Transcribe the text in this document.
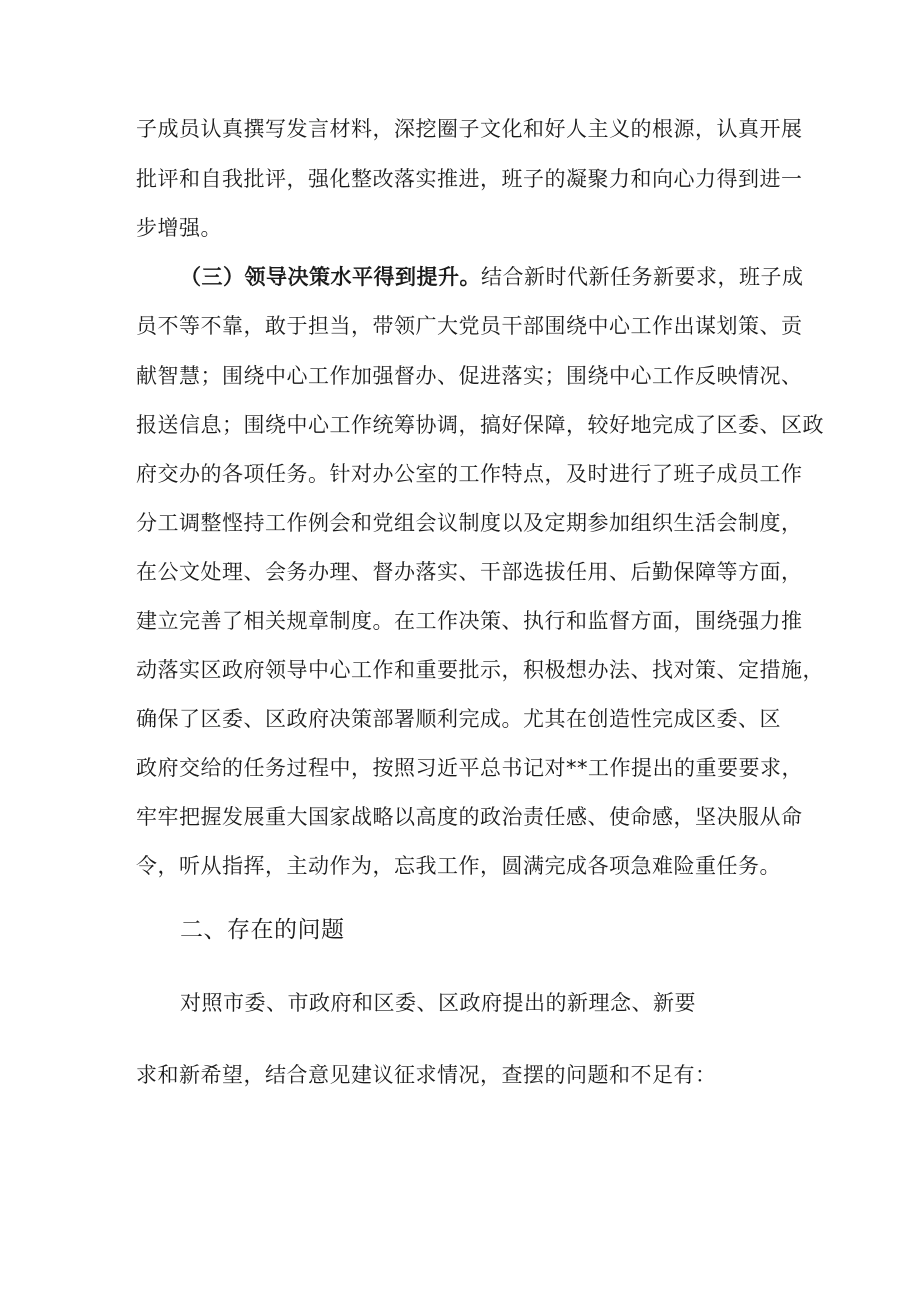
子成员认真撰写发言材料，深挖圈子文化和好人主义的根源，认真开展
批评和自我批评，强化整改落实推进，班子的凝聚力和向心力得到进一
步增强。
（三）领导决策水平得到提升。结合新时代新任务新要求，班子成
员不等不靠，敢于担当，带领广大党员干部围绕中心工作出谋划策、贡
献智慧；围绕中心工作加强督办、促进落实；围绕中心工作反映情况、
报送信息；围绕中心工作统筹协调，搞好保障，较好地完成了区委、区政
府交办的各项任务。针对办公室的工作特点，及时进行了班子成员工作
分工调整悭持工作例会和党组会议制度以及定期参加组织生活会制度，
在公文处理、会务办理、督办落实、干部选拔任用、后勤保障等方面，
建立完善了相关规章制度。在工作决策、执行和监督方面，围绕强力推
动落实区政府领导中心工作和重要批示，积极想办法、找对策、定措施，
确保了区委、区政府决策部署顺利完成。尤其在创造性完成区委、区
政府交给的任务过程中，按照习近平总书记对**工作提出的重要要求，
牢牢把握发展重大国家战略以高度的政治责任感、使命感，坚决服从命
令，听从指挥，主动作为，忘我工作，圆满完成各项急难险重任务。
二、存在的问题
对照市委、市政府和区委、区政府提出的新理念、新要
求和新希望，结合意见建议征求情况，查摆的问题和不足有：
